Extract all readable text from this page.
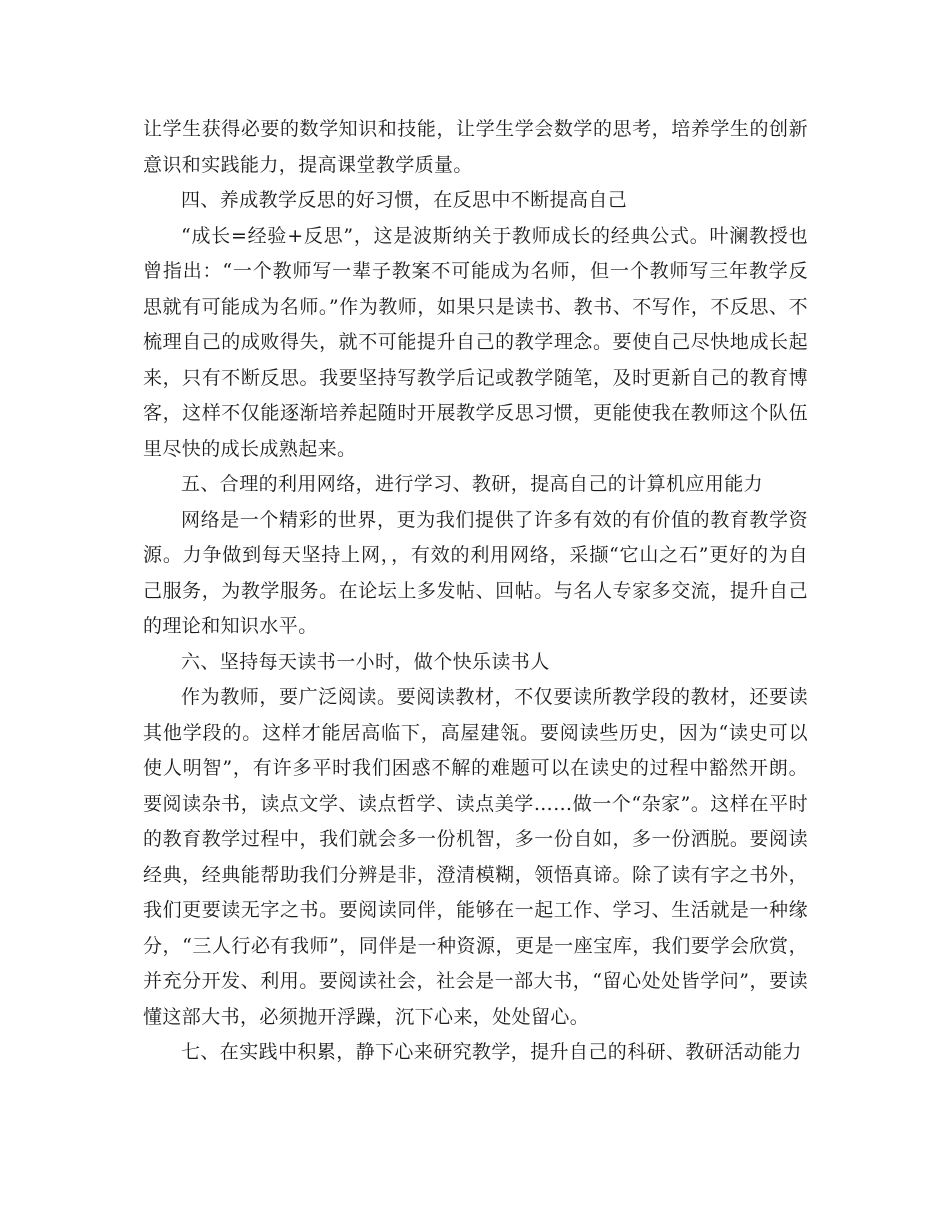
让学生获得必要的数学知识和技能，让学生学会数学的思考，培养学生的创新意识和实践能力，提高课堂教学质量。

四、养成教学反思的好习惯，在反思中不断提高自己

“成长=经验+反思”，这是波斯纳关于教师成长的经典公式。叶澜教授也曾指出：“一个教师写一辈子教案不可能成为名师，但一个教师写三年教学反思就有可能成为名师。”作为教师，如果只是读书、教书、不写作，不反思、不梳理自己的成败得失，就不可能提升自己的教学理念。要使自己尽快地成长起来，只有不断反思。我要坚持写教学后记或教学随笔，及时更新自己的教育博客，这样不仅能逐渐培养起随时开展教学反思习惯，更能使我在教师这个队伍里尽快的成长成熟起来。

五、合理的利用网络，进行学习、教研，提高自己的计算机应用能力

网络是一个精彩的世界，更为我们提供了许多有效的有价值的教育教学资源。力争做到每天坚持上网，，有效的利用网络，采撷“它山之石”更好的为自己服务，为教学服务。在论坛上多发帖、回帖。与名人专家多交流，提升自己的理论和知识水平。

六、坚持每天读书一小时，做个快乐读书人

作为教师，要广泛阅读。要阅读教材，不仅要读所教学段的教材，还要读其他学段的。这样才能居高临下，高屋建瓴。要阅读些历史，因为“读史可以使人明智”，有许多平时我们困惑不解的难题可以在读史的过程中豁然开朗。要阅读杂书，读点文学、读点哲学、读点美学……做一个“杂家”。这样在平时的教育教学过程中，我们就会多一份机智，多一份自如，多一份洒脱。要阅读经典，经典能帮助我们分辨是非，澄清模糊，领悟真谛。除了读有字之书外，我们更要读无字之书。要阅读同伴，能够在一起工作、学习、生活就是一种缘分，“三人行必有我师”，同伴是一种资源，更是一座宝库，我们要学会欣赏，并充分开发、利用。要阅读社会，社会是一部大书，“留心处处皆学问”，要读懂这部大书，必须抛开浮躁，沉下心来，处处留心。

七、在实践中积累，静下心来研究教学，提升自己的科研、教研活动能力
